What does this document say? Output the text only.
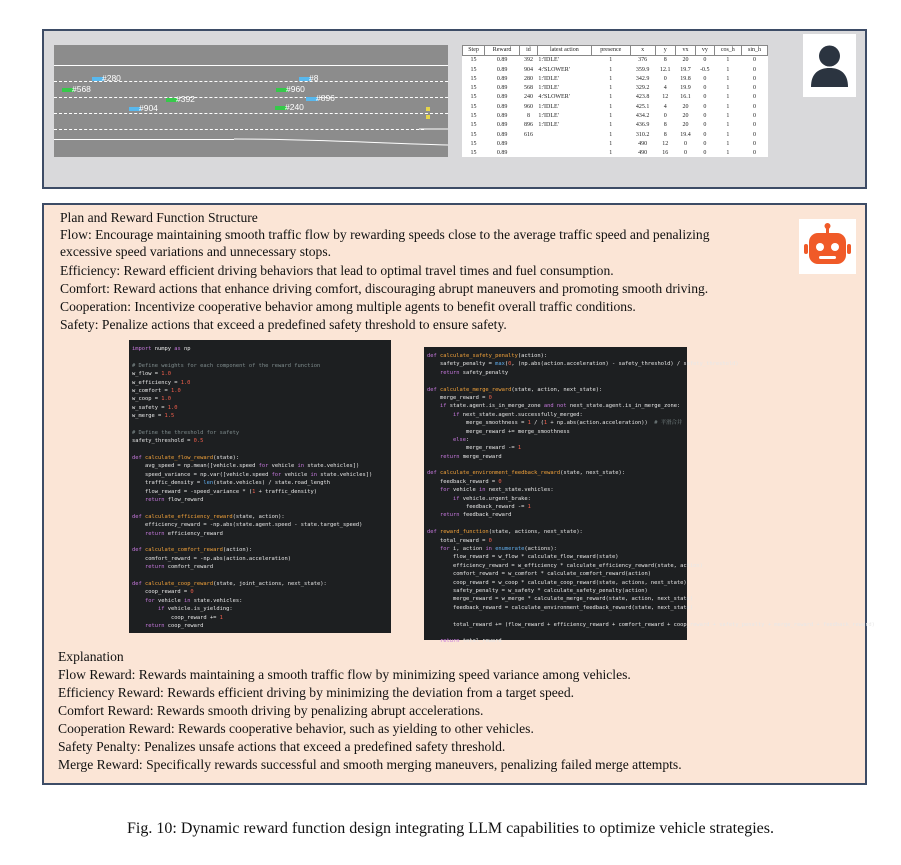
#280	#8
#568	#960
#896
#392
#240
#904
Step	Reward	id	latest action	presence	x	y	vx	vy	cos_h	sin_h
15	0.89	392	1:'IDLE'	1	376	8	20	0	1	0
15	0.89	904	4:'SLOWER'	1	359.9	12.1	19.7	-0.5	1	0
15	0.89	280	1:'IDLE'	1	342.9	0	19.8	0	1	0
15	0.89	568	1:'IDLE'	1	329.2	4	19.9	0	1	0
15	0.89	240	4:'SLOWER'	1	423.8	12	16.1	0	1	0
15	0.89	960	1:'IDLE'	1	425.1	4	20	0	1	0
15	0.89	8	1:'IDLE'	1	434.2	0	20	0	1	0
15	0.89	896	1:'IDLE'	1	436.9	8	20	0	1	0
15	0.89	616		1	310.2	8	19.4	0	1	0
15	0.89			1	490	12	0	0	1	0
15	0.89			1	490	16	0	0	1	0
Plan and Reward Function Structure
Flow: Encourage maintaining smooth traffic flow by rewarding speeds close to the average traffic speed and penalizing
excessive speed variations and unnecessary stops.
Efficiency: Reward efficient driving behaviors that lead to optimal travel times and fuel consumption.
Comfort: Reward actions that enhance driving comfort, discouraging abrupt maneuvers and promoting smooth driving.
Cooperation: Incentivize cooperative behavior among multiple agents to benefit overall traffic conditions.
Safety: Penalize actions that exceed a predefined safety threshold to ensure safety.
import numpy as np
# Define weights for each component of the reward function
w_flow = 1.0
w_efficiency = 1.0
w_comfort = 1.0
w_coop = 1.0
w_safety = 1.0
w_merge = 1.5
# Define the threshold for safety
safety_threshold = 0.5
def calculate_flow_reward(state):
avg_speed = np.mean([vehicle.speed for vehicle in state.vehicles])
speed_variance = np.var([vehicle.speed for vehicle in state.vehicles])
traffic_density = len(state.vehicles) / state.road_length
flow_reward = -speed_variance * (1 + traffic_density)
return flow_reward
def calculate_efficiency_reward(state, action):
efficiency_reward = -np.abs(state.agent.speed - state.target_speed)
return efficiency_reward
def calculate_comfort_reward(action):
comfort_reward = -np.abs(action.acceleration)
return comfort_reward
def calculate_coop_reward(state, joint_actions, next_state):
coop_reward = 0
for vehicle in state.vehicles:
if vehicle.is_yielding:
coop_reward += 1
return coop_reward
def calculate_safety_penalty(action):
safety_penalty = max(0, (np.abs(action.acceleration) - safety_threshold) / safety_threshold)
return safety_penalty
def calculate_merge_reward(state, action, next_state):
merge_reward = 0
if state.agent.is_in_merge_zone and not next_state.agent.is_in_merge_zone:
if next_state.agent.successfully_merged:
merge_smoothness = 1 / (1 + np.abs(action.acceleration))  # 平滑合并
merge_reward += merge_smoothness
else:
merge_reward -= 1
return merge_reward
def calculate_environment_feedback_reward(state, next_state):
feedback_reward = 0
for vehicle in next_state.vehicles:
if vehicle.urgent_brake:
feedback_reward -= 1
return feedback_reward
def reward_function(state, actions, next_state):
total_reward = 0
for i, action in enumerate(actions):
flow_reward = w_flow * calculate_flow_reward(state)
efficiency_reward = w_efficiency * calculate_efficiency_reward(state, action)
comfort_reward = w_comfort * calculate_comfort_reward(action)
coop_reward = w_coop * calculate_coop_reward(state, actions, next_state)
safety_penalty = w_safety * calculate_safety_penalty(action)
merge_reward = w_merge * calculate_merge_reward(state, action, next_state)
feedback_reward = calculate_environment_feedback_reward(state, next_state)
total_reward += (flow_reward + efficiency_reward + comfort_reward + coop_reward + safety_penalty + merge_reward + feedback_reward)
return total_reward
Explanation
Flow Reward: Rewards maintaining a smooth traffic flow by minimizing speed variance among vehicles.
Efficiency Reward: Rewards efficient driving by minimizing the deviation from a target speed.
Comfort Reward: Rewards smooth driving by penalizing abrupt accelerations.
Cooperation Reward: Rewards cooperative behavior, such as yielding to other vehicles.
Safety Penalty: Penalizes unsafe actions that exceed a predefined safety threshold.
Merge Reward: Specifically rewards successful and smooth merging maneuvers, penalizing failed merge attempts.
Fig. 10: Dynamic reward function design integrating LLM capabilities to optimize vehicle strategies.
